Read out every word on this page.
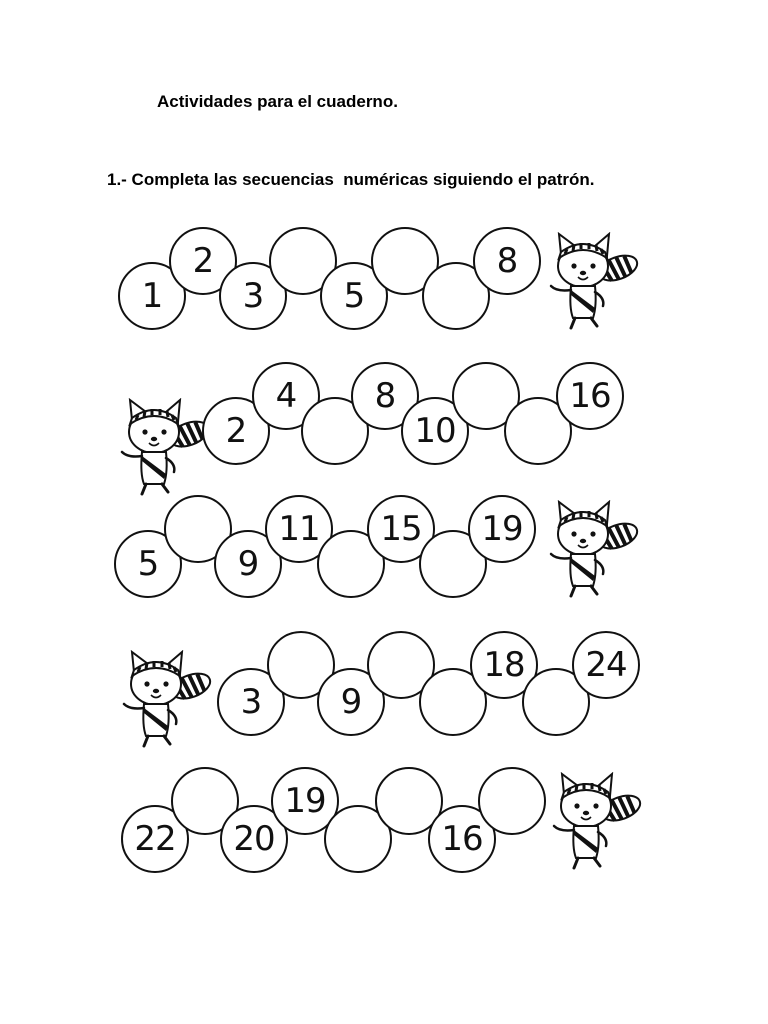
Actividades para el cuaderno.

1.- Completa las secuencias  numéricas siguiendo el patrón.

1
2
3	5
8
2
4	8
10
16
5	9
11	15	19
3	9
18	24
22	20
19
16
